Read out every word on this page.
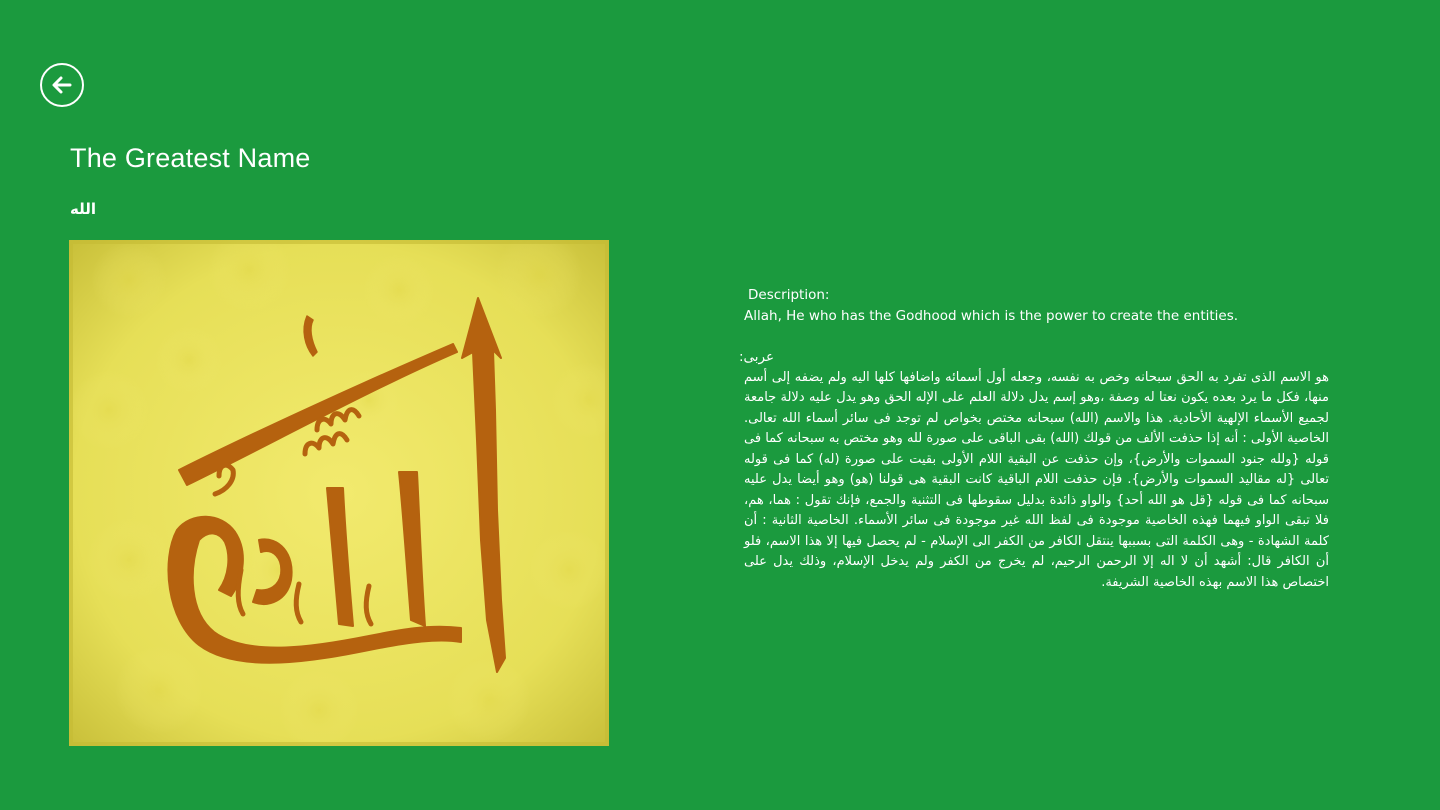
The Greatest Name
الله
Description:
Allah, He who has the Godhood which is the power to create the entities.
عربى:
هو الاسم الذى تفرد به الحق سبحانه وخص به نفسه، وجعله أول أسمائه واضافها كلها اليه ولم يضفه إلى أسم منها، فكل ما يرد بعده يكون نعتا له وصفة ،وهو إسم يدل دلالة العلم على الإله الحق وهو يدل عليه دلالة جامعة لجميع الأسماء الإلهية الأحادية. هذا والاسم (الله) سبحانه مختص بخواص لم توجد فى سائر أسماء الله تعالى. الخاصية الأولى : أنه إذا حذفت الألف من قولك (الله) بقى الباقى على صورة لله وهو مختص به سبحانه كما فى قوله {ولله جنود السموات والأرض}، وإن حذفت عن البقية اللام الأولى بقيت على صورة (له) كما فى قوله تعالى {له مقاليد السموات والأرض}. فإن حذفت اللام الباقية كانت البقية هى قولنا (هو) وهو أيضا يدل عليه سبحانه كما فى قوله {قل هو الله أحد} والواو ذائدة بدليل سقوطها فى التثنية والجمع، فإنك تقول : هما، هم، فلا تبقى الواو فيهما فهذه الخاصية موجودة فى لفظ الله غير موجودة فى سائر الأسماء. الخاصية الثانية : أن كلمة الشهادة - وهى الكلمة التى بسببها ينتقل الكافر من الكفر الى الإسلام - لم يحصل فيها إلا هذا الاسم، فلو أن الكافر قال: أشهد أن لا اله إلا الرحمن الرحيم، لم يخرج من الكفر ولم يدخل الإسلام، وذلك يدل على اختصاص هذا الاسم بهذه الخاصية الشريفة.
